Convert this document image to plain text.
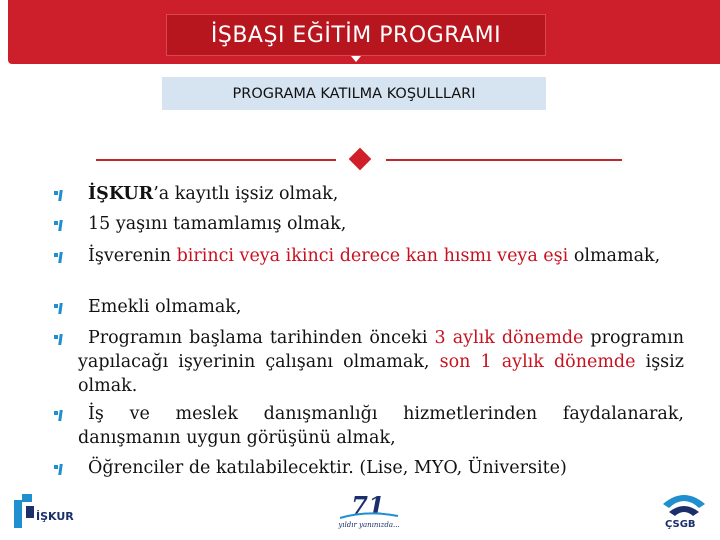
İŞBAŞI EĞİTİM PROGRAMI
PROGRAMA KATILMA KOŞULLLARI
İŞKUR’a kayıtlı işsiz olmak,
15 yaşını tamamlamış olmak,
İşverenin birinci veya ikinci derece kan hısmı veya eşi olmamak,
Emekli olmamak,
Programın başlama tarihinden önceki 3 aylık dönemde programın yapılacağı işyerinin çalışanı olmamak, son 1 aylık dönemde işsiz olmak.
İş ve meslek danışmanlığı hizmetlerinden faydalanarak, danışmanın uygun görüşünü almak,
Öğrenciler de katılabilecektir. (Lise, MYO, Üniversite)
İŞKUR	71
yıldır yanınızda...	ÇSGB
